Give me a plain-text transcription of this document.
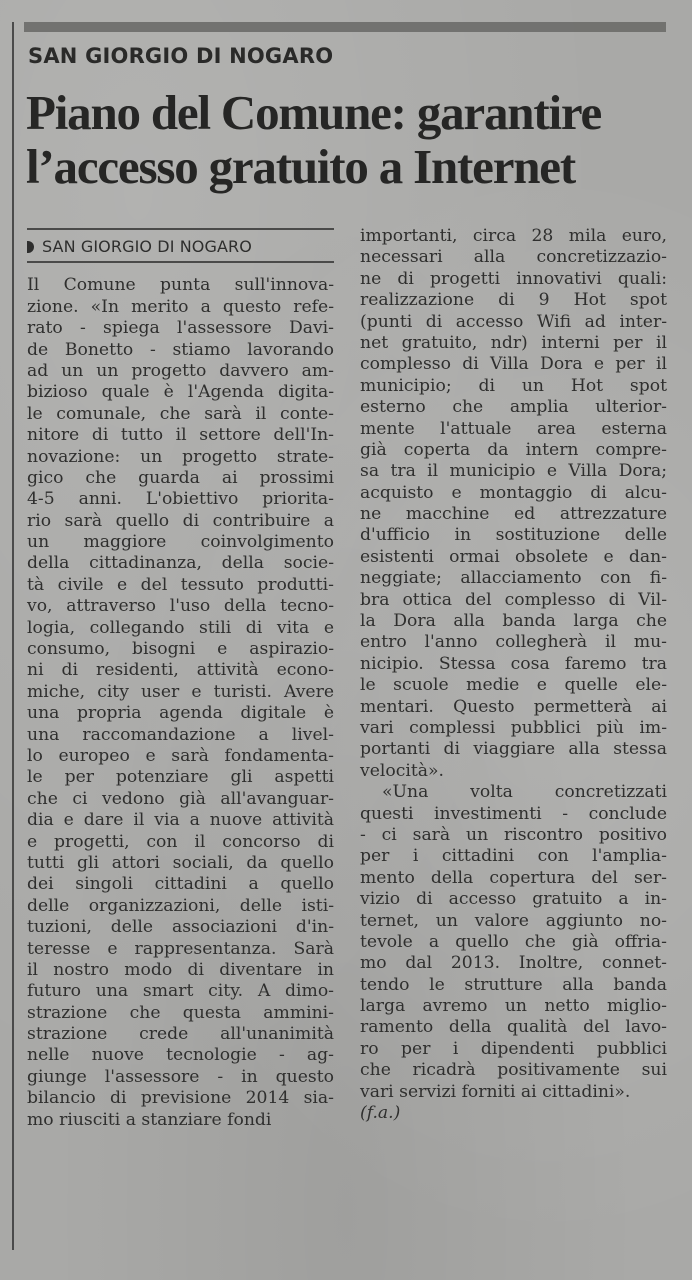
SAN GIORGIO DI NOGARO
Piano del Comune: garantire
l’accesso gratuito a Internet
SAN GIORGIO DI NOGARO
Il Comune punta sull'innova-
zione. «In merito a questo refe-
rato - spiega l'assessore Davi-
de Bonetto - stiamo lavorando
ad un un progetto davvero am-
bizioso quale è l'Agenda digita-
le comunale, che sarà il conte-
nitore di tutto il settore dell'In-
novazione: un progetto strate-
gico che guarda ai prossimi
4-5 anni. L'obiettivo priorita-
rio sarà quello di contribuire a
un maggiore coinvolgimento
della cittadinanza, della socie-
tà civile e del tessuto produtti-
vo, attraverso l'uso della tecno-
logia, collegando stili di vita e
consumo, bisogni e aspirazio-
ni di residenti, attività econo-
miche, city user e turisti. Avere
una propria agenda digitale è
una raccomandazione a livel-
lo europeo e sarà fondamenta-
le per potenziare gli aspetti
che ci vedono già all'avanguar-
dia e dare il via a nuove attività
e progetti, con il concorso di
tutti gli attori sociali, da quello
dei singoli cittadini a quello
delle organizzazioni, delle isti-
tuzioni, delle associazioni d'in-
teresse e rappresentanza. Sarà
il nostro modo di diventare in
futuro una smart city. A dimo-
strazione che questa ammini-
strazione crede all'unanimità
nelle nuove tecnologie - ag-
giunge l'assessore - in questo
bilancio di previsione 2014 sia-
mo riusciti a stanziare fondi
importanti, circa 28 mila euro,
necessari alla concretizzazio-
ne di progetti innovativi quali:
realizzazione di 9 Hot spot
(punti di accesso Wifi ad inter-
net gratuito, ndr) interni per il
complesso di Villa Dora e per il
municipio; di un Hot spot
esterno che amplia ulterior-
mente l'attuale area esterna
già coperta da intern compre-
sa tra il municipio e Villa Dora;
acquisto e montaggio di alcu-
ne macchine ed attrezzature
d'ufficio in sostituzione delle
esistenti ormai obsolete e dan-
neggiate; allacciamento con fi-
bra ottica del complesso di Vil-
la Dora alla banda larga che
entro l'anno collegherà il mu-
nicipio. Stessa cosa faremo tra
le scuole medie e quelle ele-
mentari. Questo permetterà ai
vari complessi pubblici più im-
portanti di viaggiare alla stessa
velocità».
«Una volta concretizzati
questi investimenti - conclude
- ci sarà un riscontro positivo
per i cittadini con l'amplia-
mento della copertura del ser-
vizio di accesso gratuito a in-
ternet, un valore aggiunto no-
tevole a quello che già offria-
mo dal 2013. Inoltre, connet-
tendo le strutture alla banda
larga avremo un netto miglio-
ramento della qualità del lavo-
ro per i dipendenti pubblici
che ricadrà positivamente sui
vari servizi forniti ai cittadini».
(f.a.)
